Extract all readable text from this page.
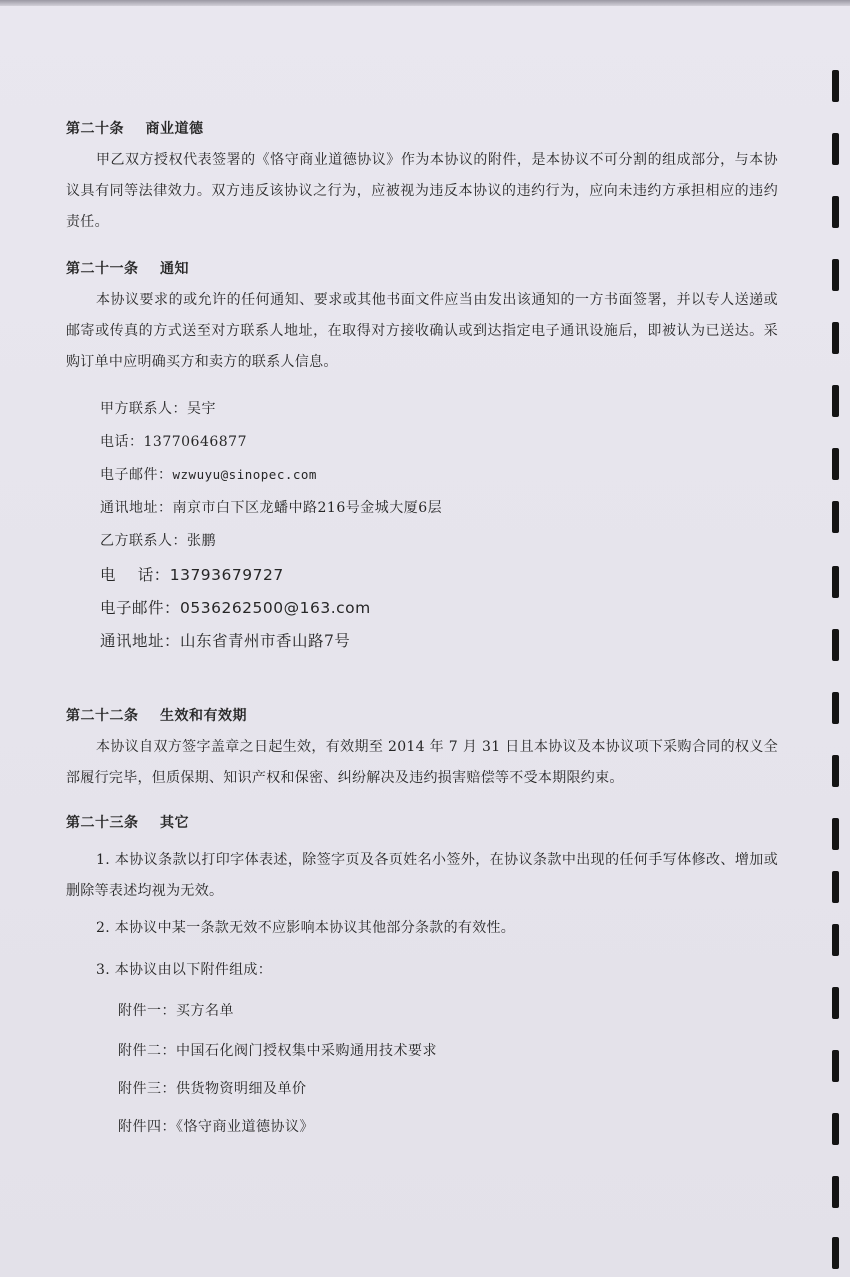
第二十条    商业道德
甲乙双方授权代表签署的《恪守商业道德协议》作为本协议的附件，是本协议不可分割的组成部分，与本协议具有同等法律效力。双方违反该协议之行为，应被视为违反本协议的违约行为，应向未违约方承担相应的违约责任。
第二十一条    通知
本协议要求的或允许的任何通知、要求或其他书面文件应当由发出该通知的一方书面签署，并以专人送递或邮寄或传真的方式送至对方联系人地址，在取得对方接收确认或到达指定电子通讯设施后，即被认为已送达。采购订单中应明确买方和卖方的联系人信息。
甲方联系人：吴宇
电话：13770646877
电子邮件：wzwuyu@sinopec.com
通讯地址：南京市白下区龙蟠中路216号金城大厦6层
乙方联系人：张鹏
电    话：13793679727
电子邮件：0536262500@163.com
通讯地址：山东省青州市香山路7号
第二十二条    生效和有效期
本协议自双方签字盖章之日起生效，有效期至 2014 年 7 月 31 日且本协议及本协议项下采购合同的权义全部履行完毕，但质保期、知识产权和保密、纠纷解决及违约损害赔偿等不受本期限约束。
第二十三条    其它
1. 本协议条款以打印字体表述，除签字页及各页姓名小签外，在协议条款中出现的任何手写体修改、增加或删除等表述均视为无效。
2. 本协议中某一条款无效不应影响本协议其他部分条款的有效性。
3. 本协议由以下附件组成：
附件一：买方名单
附件二：中国石化阀门授权集中采购通用技术要求
附件三：供货物资明细及单价
附件四：《恪守商业道德协议》
